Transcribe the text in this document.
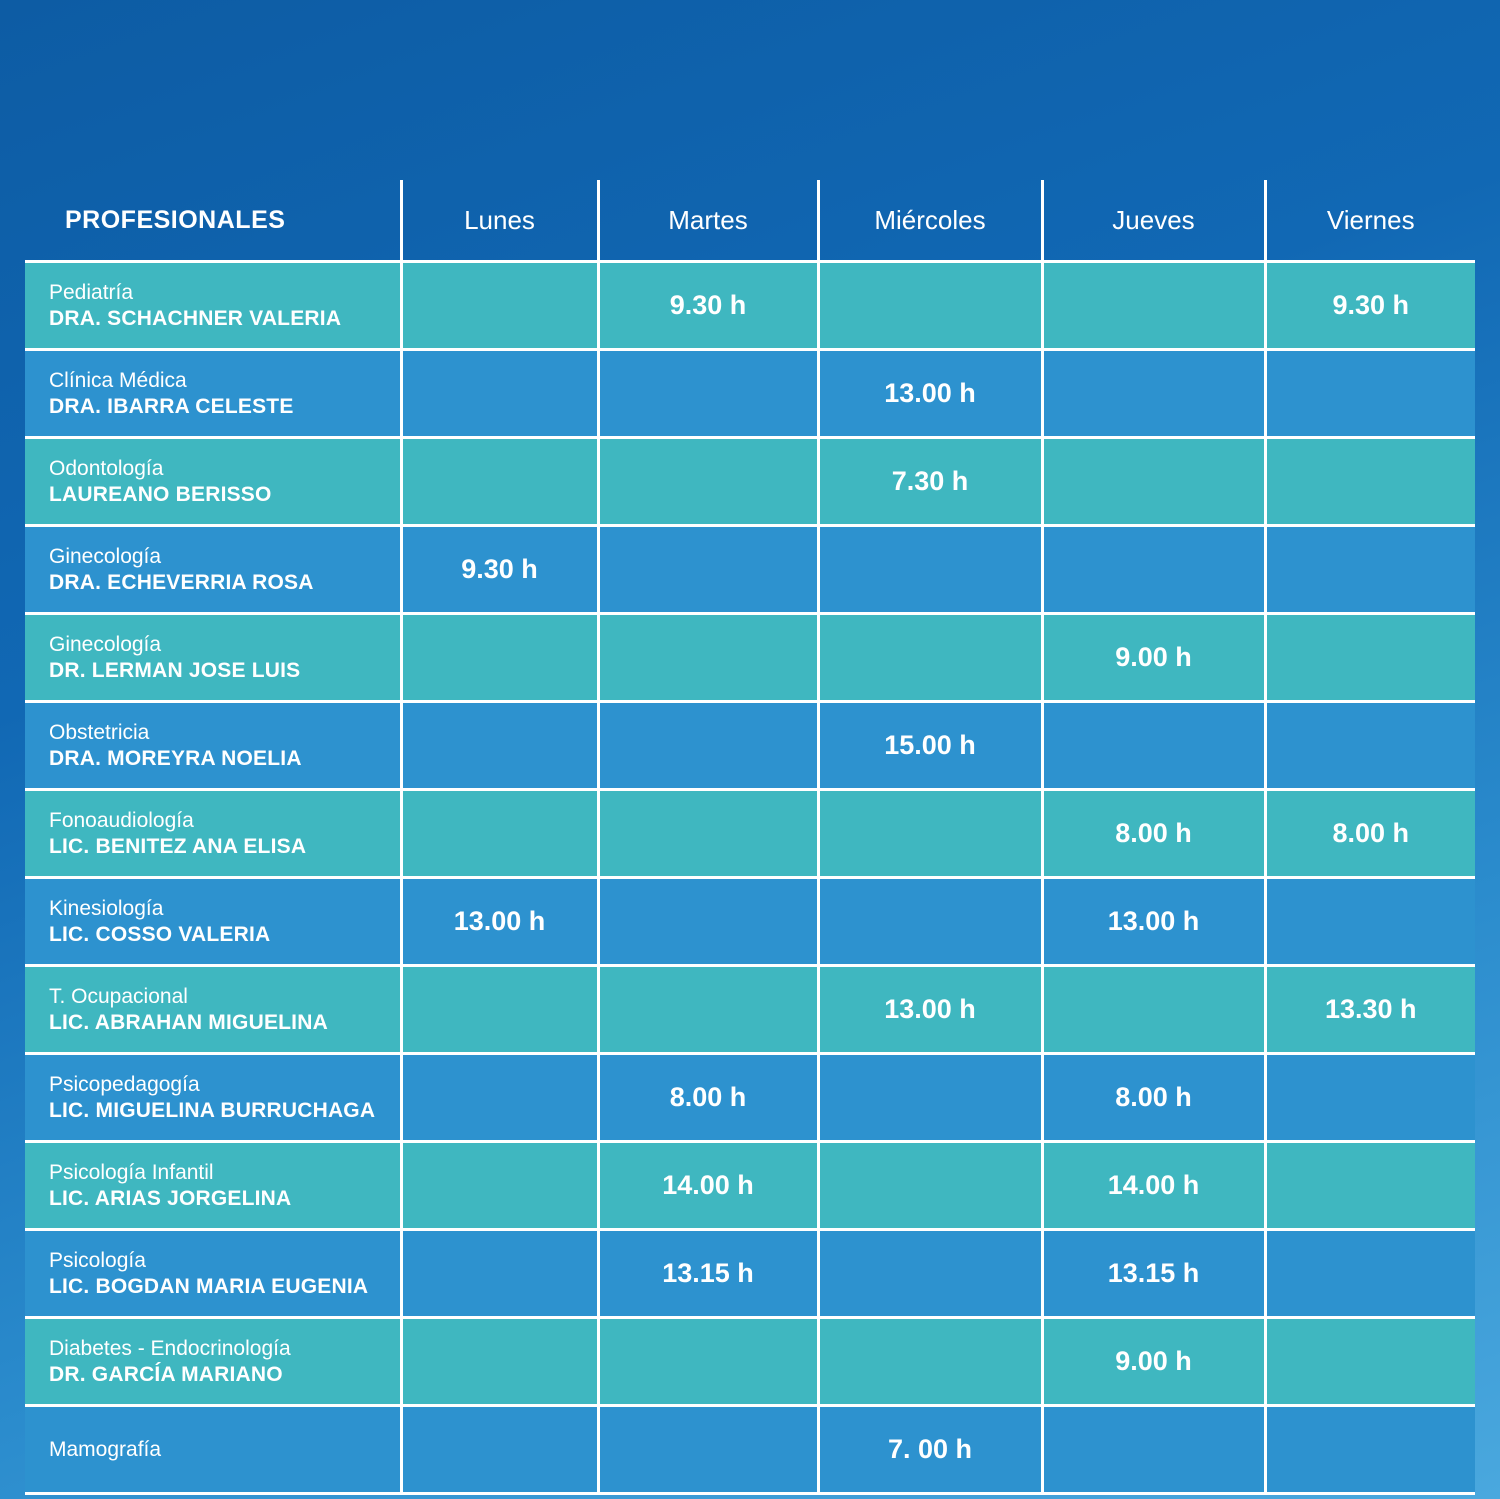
PROFESIONALES	Lunes	Martes	Miércoles	Jueves	Viernes

Pediatría
DRA. SCHACHNER VALERIA		9.30 h			9.30 h

Clínica Médica
DRA. IBARRA CELESTE			13.00 h		

Odontología
LAUREANO BERISSO			7.30 h		

Ginecología
DRA. ECHEVERRIA ROSA	9.30 h				

Ginecología
DR. LERMAN JOSE LUIS				9.00 h	

Obstetricia
DRA. MOREYRA NOELIA			15.00 h		

Fonoaudiología
LIC. BENITEZ ANA ELISA				8.00 h	8.00 h

Kinesiología
LIC. COSSO VALERIA	13.00 h			13.00 h	

T. Ocupacional
LIC. ABRAHAN MIGUELINA			13.00 h		13.30 h

Psicopedagogía
LIC. MIGUELINA BURRUCHAGA		8.00 h		8.00 h	

Psicología Infantil
LIC. ARIAS JORGELINA		14.00 h		14.00 h	

Psicología
LIC. BOGDAN MARIA EUGENIA		13.15 h		13.15 h	

Diabetes - Endocrinología
DR. GARCÍA MARIANO				9.00 h	

Mamografía			7. 00 h		
